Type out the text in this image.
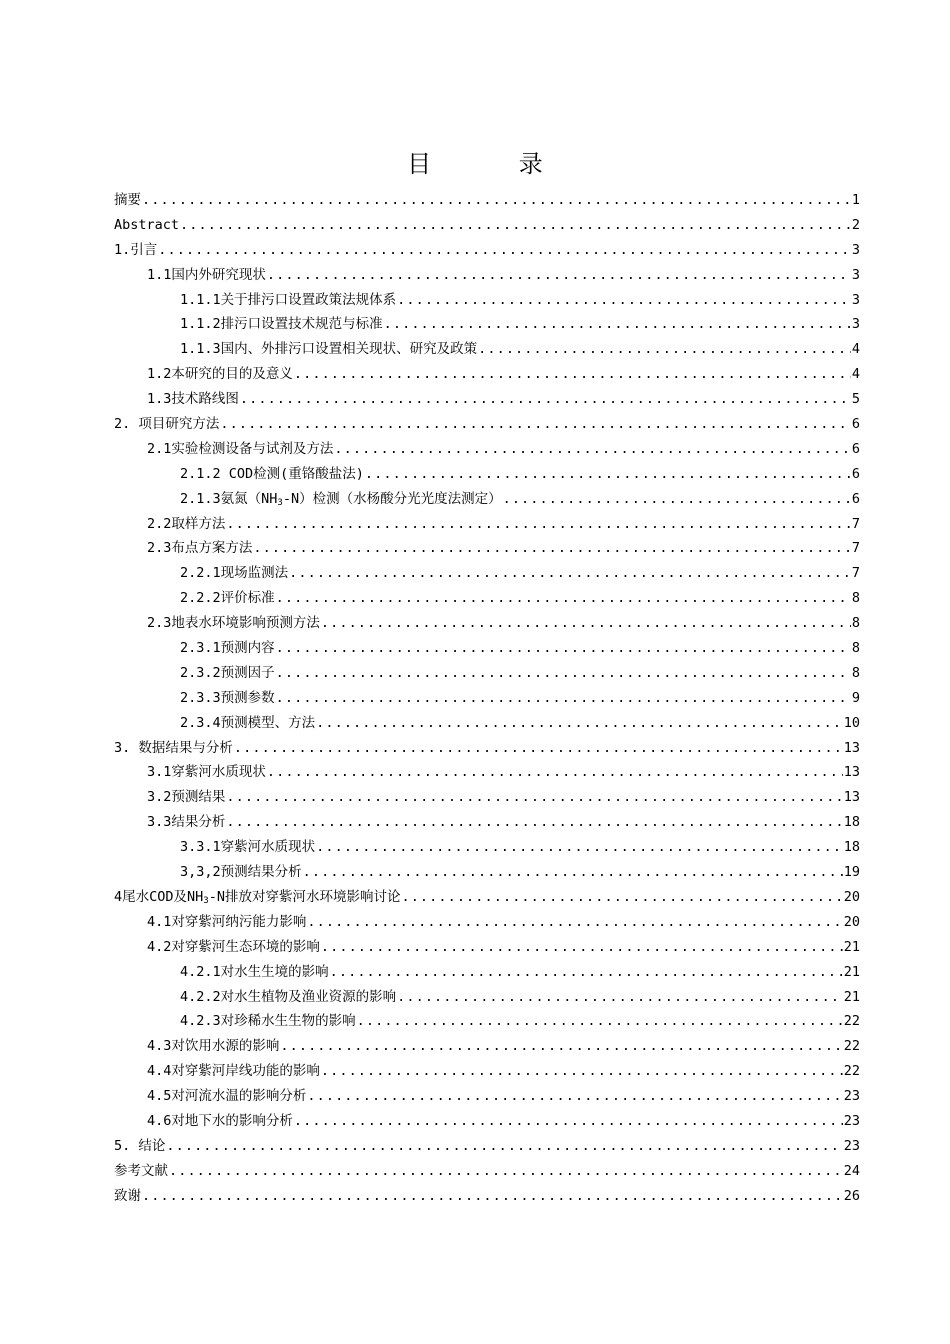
目 录
摘要 .....	1
Abstract .....	2
1.引言 .....	3
1.1国内外研究现状 .....	3
1.1.1关于排污口设置政策法规体系 .....	3
1.1.2排污口设置技术规范与标准 .....	3
1.1.3国内、外排污口设置相关现状、研究及政策 .....	4
1.2本研究的目的及意义 .....	4
1.3技术路线图 .....	5
2. 项目研究方法 .....	6
2.1实验检测设备与试剂及方法 .....	6
2.1.2 COD检测(重铬酸盐法) .....	6
2.1.3氨氮$(NH_3-N)$检测（水杨酸分光光度法测定） .....	6
2.2取样方法 .....	7
2.3布点方案方法 .....	7
2.2.1现场监测法 .....	7
2.2.2评价标准 .....	8
2.3地表水环境影响预测方法 .....	8
2.3.1预测内容 .....	8
2.3.2预测因子 .....	8
2.3.3预测参数 .....	9
2.3.4预测模型、方法 .....	10
3. 数据结果与分析 .....	13
3.1穿紫河水质现状 .....	13
3.2预测结果 .....	13
3.3结果分析 .....	18
3.3.1穿紫河水质现状 .....	18
3,3,2预测结果分析 .....	19
4尾水COD及$NH_3-N$排放对穿紫河水环境影响讨论 .....	20
4.1对穿紫河纳污能力影响 .....	20
4.2对穿紫河生态环境的影响 .....	21
4.2.1对水生生境的影响 .....	21
4.2.2对水生植物及渔业资源的影响 .....	21
4.2.3对珍稀水生生物的影响 .....	22
4.3对饮用水源的影响 .....	22
4.4对穿紫河岸线功能的影响 .....	22
4.5对河流水温的影响分析 .....	23
4.6对地下水的影响分析 .....	23
5. 结论 .....	23
参考文献 .....	24
致谢 .....	26
